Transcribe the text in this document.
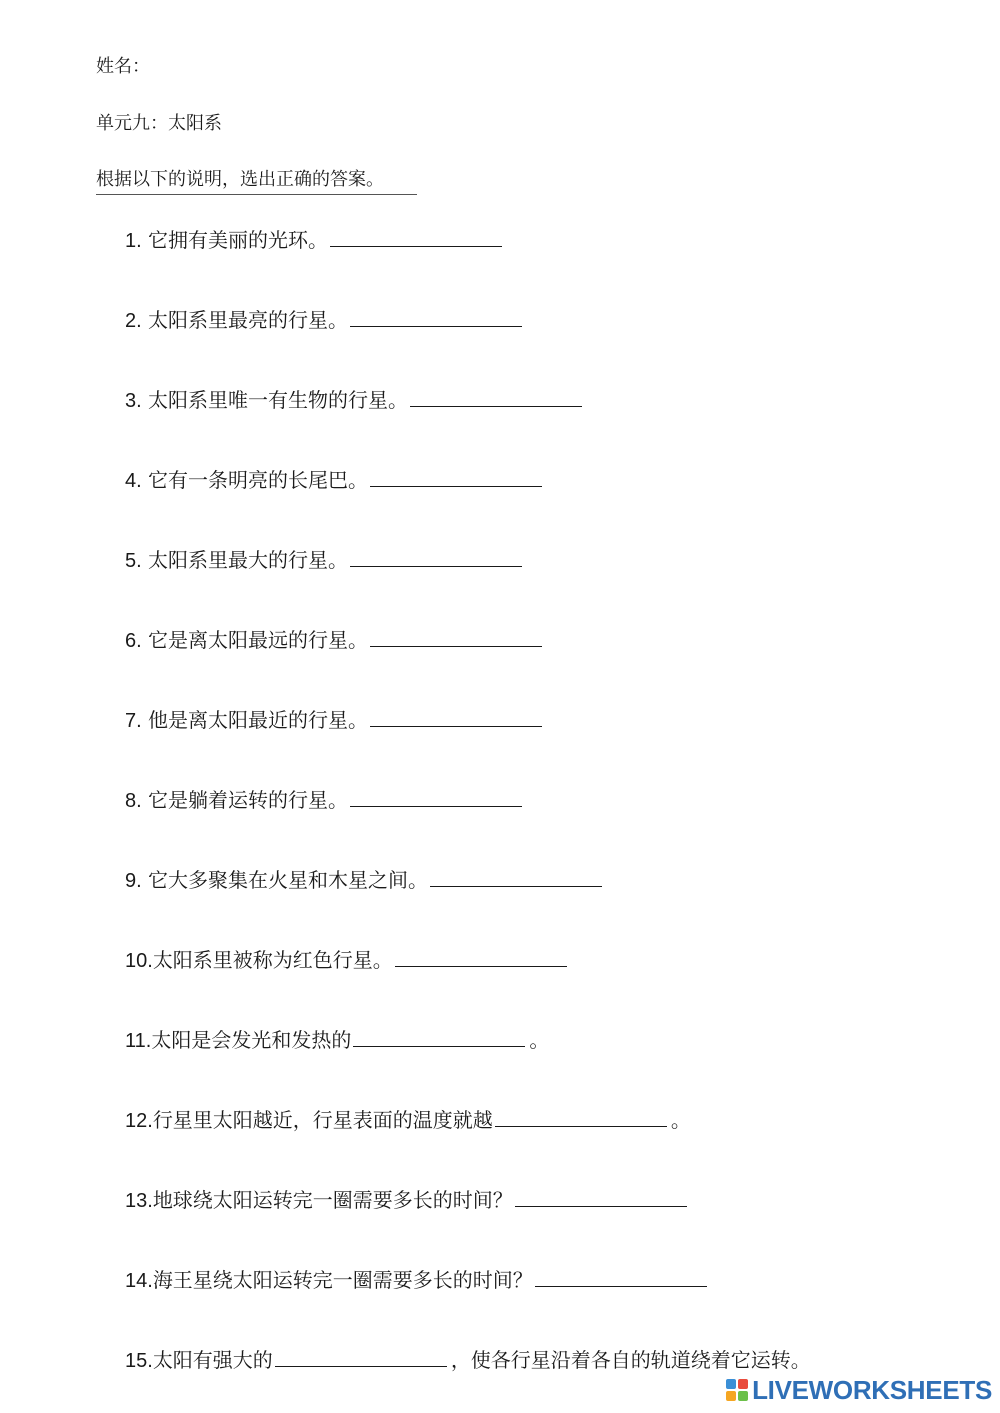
姓名：
单元九：太阳系
根据以下的说明，选出正确的答案。
1. 它拥有美丽的光环。
2. 太阳系里最亮的行星。
3. 太阳系里唯一有生物的行星。
4. 它有一条明亮的长尾巴。
5. 太阳系里最大的行星。
6. 它是离太阳最远的行星。
7. 他是离太阳最近的行星。
8. 它是躺着运转的行星。
9. 它大多聚集在火星和木星之间。
10.太阳系里被称为红色行星。
11.太阳是会发光和发热的	。
12.行星里太阳越近，行星表面的温度就越	。
13.地球绕太阳运转完一圈需要多长的时间？
14.海王星绕太阳运转完一圈需要多长的时间？
15.太阳有强大的	，使各行星沿着各自的轨道绕着它运转。
LIVEWORKSHEETS
